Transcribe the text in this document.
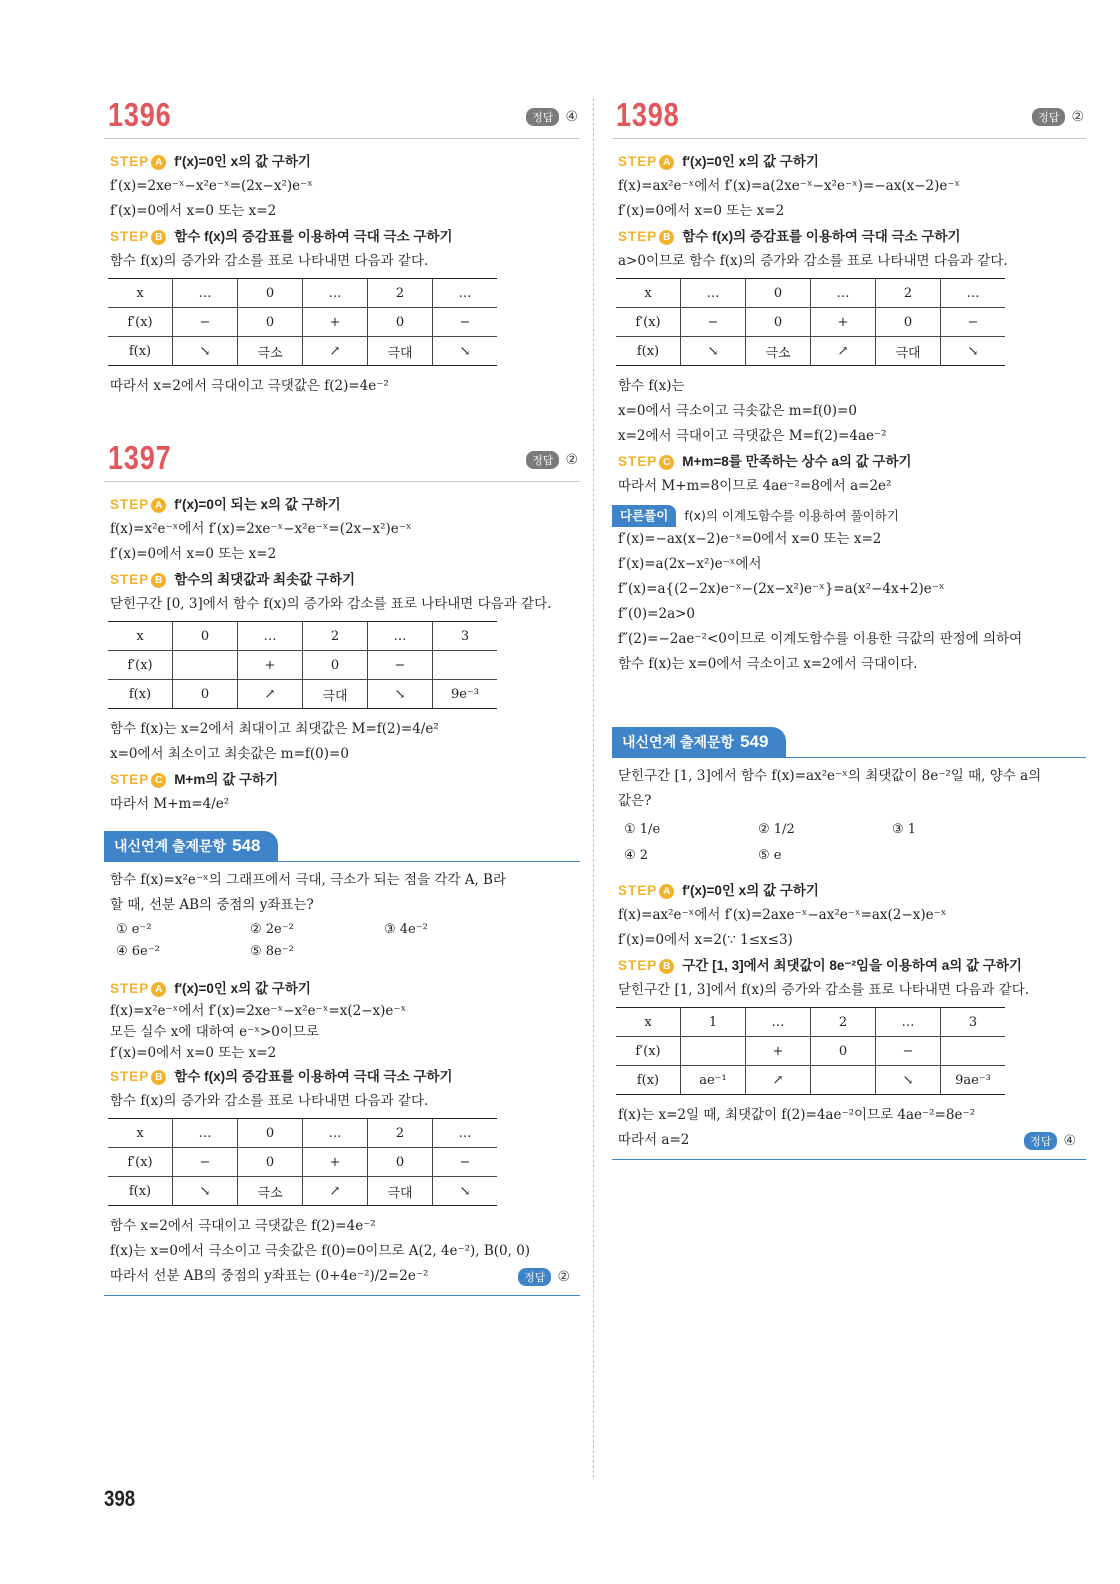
1396	정답 ④
STEP A f′(x)=0인 x의 값 구하기
f′(x)=2xe⁻ˣ−x²e⁻ˣ=(2x−x²)e⁻ˣ
f′(x)=0에서 x=0 또는 x=2
STEP B 함수 f(x)의 증감표를 이용하여 극대 극소 구하기
함수 f(x)의 증가와 감소를 표로 나타내면 다음과 같다.
x	…	0	…	2	…
f′(x)	−	0	+	0	−
f(x)	↘	극소	↗	극대	↘
따라서 x=2에서 극대이고 극댓값은 f(2)=4e⁻²
1397	정답 ②
STEP A f′(x)=0이 되는 x의 값 구하기
f(x)=x²e⁻ˣ에서 f′(x)=2xe⁻ˣ−x²e⁻ˣ=(2x−x²)e⁻ˣ
f′(x)=0에서 x=0 또는 x=2
STEP B 함수의 최댓값과 최솟값 구하기
닫힌구간 [0, 3]에서 함수 f(x)의 증가와 감소를 표로 나타내면 다음과 같다.
x	0	…	2	…	3
f′(x)		+	0	−	
f(x)	0	↗	극대	↘	9e⁻³
함수 f(x)는 x=2에서 최대이고 최댓값은 M=f(2)=4/e²
x=0에서 최소이고 최솟값은 m=f(0)=0
STEP C M+m의 값 구하기
따라서 M+m=4/e²
내신연계 출제문항 548
함수 f(x)=x²e⁻ˣ의 그래프에서 극대, 극소가 되는 점을 각각 A, B라
할 때, 선분 AB의 중점의 y좌표는?
① e⁻²	② 2e⁻²	③ 4e⁻²
④ 6e⁻²	⑤ 8e⁻²
STEP A f′(x)=0인 x의 값 구하기
f(x)=x²e⁻ˣ에서 f′(x)=2xe⁻ˣ−x²e⁻ˣ=x(2−x)e⁻ˣ
모든 실수 x에 대하여 e⁻ˣ>0이므로
f′(x)=0에서 x=0 또는 x=2
STEP B 함수 f(x)의 증감표를 이용하여 극대 극소 구하기
함수 f(x)의 증가와 감소를 표로 나타내면 다음과 같다.
x	…	0	…	2	…
f′(x)	−	0	+	0	−
f(x)	↘	극소	↗	극대	↘
함수 x=2에서 극대이고 극댓값은 f(2)=4e⁻²
f(x)는 x=0에서 극소이고 극솟값은 f(0)=0이므로 A(2, 4e⁻²), B(0, 0)
따라서 선분 AB의 중점의 y좌표는 (0+4e⁻²)/2=2e⁻²	정답 ②
1398	정답 ②
STEP A f′(x)=0인 x의 값 구하기
f(x)=ax²e⁻ˣ에서 f′(x)=a(2xe⁻ˣ−x²e⁻ˣ)=−ax(x−2)e⁻ˣ
f′(x)=0에서 x=0 또는 x=2
STEP B 함수 f(x)의 증감표를 이용하여 극대 극소 구하기
a>0이므로 함수 f(x)의 증가와 감소를 표로 나타내면 다음과 같다.
x	…	0	…	2	…
f′(x)	−	0	+	0	−
f(x)	↘	극소	↗	극대	↘
함수 f(x)는
x=0에서 극소이고 극솟값은 m=f(0)=0
x=2에서 극대이고 극댓값은 M=f(2)=4ae⁻²
STEP C M+m=8를 만족하는 상수 a의 값 구하기
따라서 M+m=8이므로 4ae⁻²=8에서 a=2e²
다른풀이 f(x)의 이계도함수를 이용하여 풀이하기
f′(x)=−ax(x−2)e⁻ˣ=0에서 x=0 또는 x=2
f′(x)=a(2x−x²)e⁻ˣ에서
f″(x)=a{(2−2x)e⁻ˣ−(2x−x²)e⁻ˣ}=a(x²−4x+2)e⁻ˣ
f″(0)=2a>0
f″(2)=−2ae⁻²<0이므로 이계도함수를 이용한 극값의 판정에 의하여
함수 f(x)는 x=0에서 극소이고 x=2에서 극대이다.
내신연계 출제문항 549
닫힌구간 [1, 3]에서 함수 f(x)=ax²e⁻ˣ의 최댓값이 8e⁻²일 때, 양수 a의
값은?
① 1/e	② 1/2	③ 1
④ 2	⑤ e
STEP A f′(x)=0인 x의 값 구하기
f(x)=ax²e⁻ˣ에서 f′(x)=2axe⁻ˣ−ax²e⁻ˣ=ax(2−x)e⁻ˣ
f′(x)=0에서 x=2(∵ 1≤x≤3)
STEP B 구간 [1, 3]에서 최댓값이 8e⁻²임을 이용하여 a의 값 구하기
닫힌구간 [1, 3]에서 f(x)의 증가와 감소를 표로 나타내면 다음과 같다.
x	1	…	2	…	3
f′(x)		+	0	−	
f(x)	ae⁻¹	↗		↘	9ae⁻³
f(x)는 x=2일 때, 최댓값이 f(2)=4ae⁻²이므로 4ae⁻²=8e⁻²
따라서 a=2	정답 ④
398
